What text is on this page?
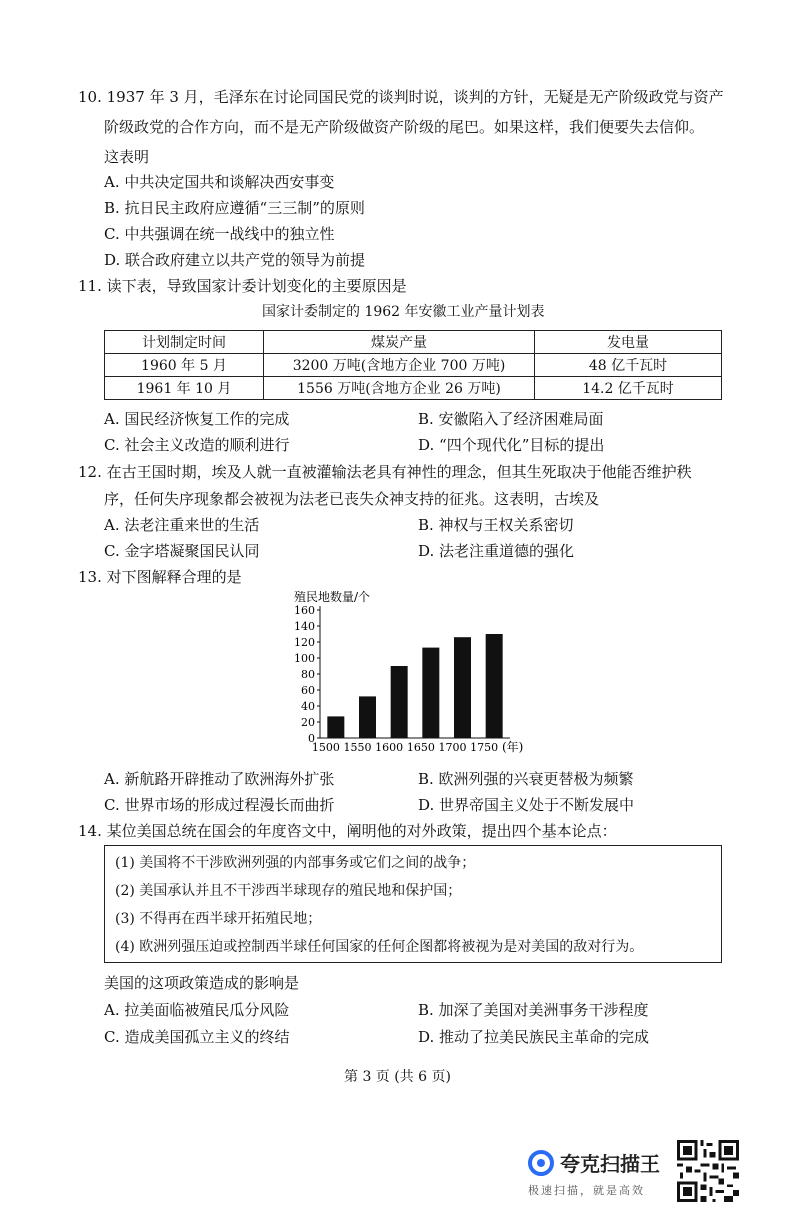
10. 1937 年 3 月，毛泽东在讨论同国民党的谈判时说，谈判的方针，无疑是无产阶级政党与资产
阶级政党的合作方向，而不是无产阶级做资产阶级的尾巴。如果这样，我们便要失去信仰。
这表明
A. 中共决定国共和谈解决西安事变
B. 抗日民主政府应遵循“三三制”的原则
C. 中共强调在统一战线中的独立性
D. 联合政府建立以共产党的领导为前提
11. 读下表，导致国家计委计划变化的主要原因是
国家计委制定的 1962 年安徽工业产量计划表
计划制定时间	煤炭产量	发电量
1960 年 5 月	3200 万吨(含地方企业 700 万吨)	48 亿千瓦时
1961 年 10 月	1556 万吨(含地方企业 26 万吨)	14.2 亿千瓦时
A. 国民经济恢复工作的完成	B. 安徽陷入了经济困难局面
C. 社会主义改造的顺利进行	D. “四个现代化”目标的提出
12. 在古王国时期，埃及人就一直被灌输法老具有神性的理念，但其生死取决于他能否维护秩
序，任何失序现象都会被视为法老已丧失众神支持的征兆。这表明，古埃及
A. 法老注重来世的生活	B. 神权与王权关系密切
C. 金字塔凝聚国民认同	D. 法老注重道德的强化
13. 对下图解释合理的是
殖民地数量/个
0
20
40
60
80
100
120
140
160
1500 1550 1600 1650 1700 1750 (年)
A. 新航路开辟推动了欧洲海外扩张	B. 欧洲列强的兴衰更替极为频繁
C. 世界市场的形成过程漫长而曲折	D. 世界帝国主义处于不断发展中
14. 某位美国总统在国会的年度咨文中，阐明他的对外政策，提出四个基本论点：
(1) 美国将不干涉欧洲列强的内部事务或它们之间的战争；
(2) 美国承认并且不干涉西半球现存的殖民地和保护国；
(3) 不得再在西半球开拓殖民地；
(4) 欧洲列强压迫或控制西半球任何国家的任何企图都将被视为是对美国的敌对行为。
美国的这项政策造成的影响是
A. 拉美面临被殖民瓜分风险	B. 加深了美国对美洲事务干涉程度
C. 造成美国孤立主义的终结	D. 推动了拉美民族民主革命的完成
第 3 页 (共 6 页)
夸克扫描王
极速扫描，就是高效
